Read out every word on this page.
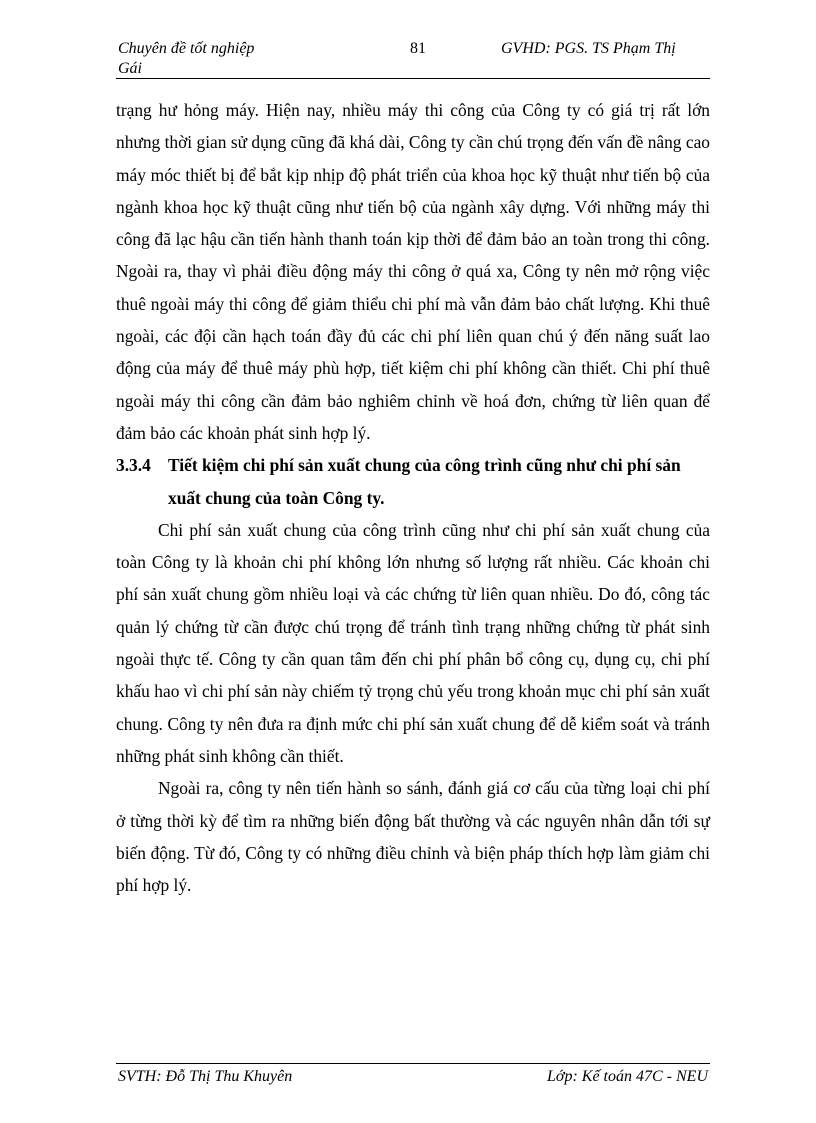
Chuyên đề tốt nghiệp
Gái
81	GVHD: PGS. TS Phạm Thị

trạng hư hỏng máy. Hiện nay, nhiều máy thi công của Công ty có giá trị rất lớn nhưng thời gian sử dụng cũng đã khá dài, Công ty cần chú trọng đến vấn đề nâng cao máy móc thiết bị để bắt kịp nhịp độ phát triển của khoa học kỹ thuật như tiến bộ của ngành khoa học kỹ thuật cũng như tiến bộ của ngành xây dựng. Với những máy thi công đã lạc hậu cần tiến hành thanh toán kịp thời để đảm bảo an toàn trong thi công. Ngoài ra, thay vì phải điều động máy thi công ở quá xa, Công ty nên mở rộng việc thuê ngoài máy thi công để giảm thiểu chi phí mà vẫn đảm bảo chất lượng. Khi thuê ngoài, các đội cần hạch toán đầy đủ các chi phí liên quan chú ý đến năng suất lao động của máy để thuê máy phù hợp, tiết kiệm chi phí không cần thiết. Chi phí thuê ngoài máy thi công cần đảm bảo nghiêm chỉnh về hoá đơn, chứng từ liên quan để đảm bảo các khoản phát sinh hợp lý.

3.3.4 Tiết kiệm chi phí sản xuất chung của công trình cũng như chi phí sản xuất chung của toàn Công ty.

Chi phí sản xuất chung của công trình cũng như chi phí sản xuất chung của toàn Công ty là khoản chi phí không lớn nhưng số lượng rất nhiều. Các khoản chi phí sản xuất chung gồm nhiều loại và các chứng từ liên quan nhiều. Do đó, công tác quản lý chứng từ cần được chú trọng để tránh tình trạng những chứng từ phát sinh ngoài thực tế. Công ty cần quan tâm đến chi phí phân bổ công cụ, dụng cụ, chi phí khấu hao vì chi phí sản này chiếm tỷ trọng chủ yếu trong khoản mục chi phí sản xuất chung. Công ty nên đưa ra định mức chi phí sản xuất chung để dễ kiểm soát và tránh những phát sinh không cần thiết.

Ngoài ra, công ty nên tiến hành so sánh, đánh giá cơ cấu của từng loại chi phí ở từng thời kỳ để tìm ra những biến động bất thường và các nguyên nhân dẫn tới sự biến động. Từ đó, Công ty có những điều chỉnh và biện pháp thích hợp làm giảm chi phí hợp lý.

SVTH: Đỗ Thị Thu Khuyên	Lớp: Kế toán 47C - NEU
